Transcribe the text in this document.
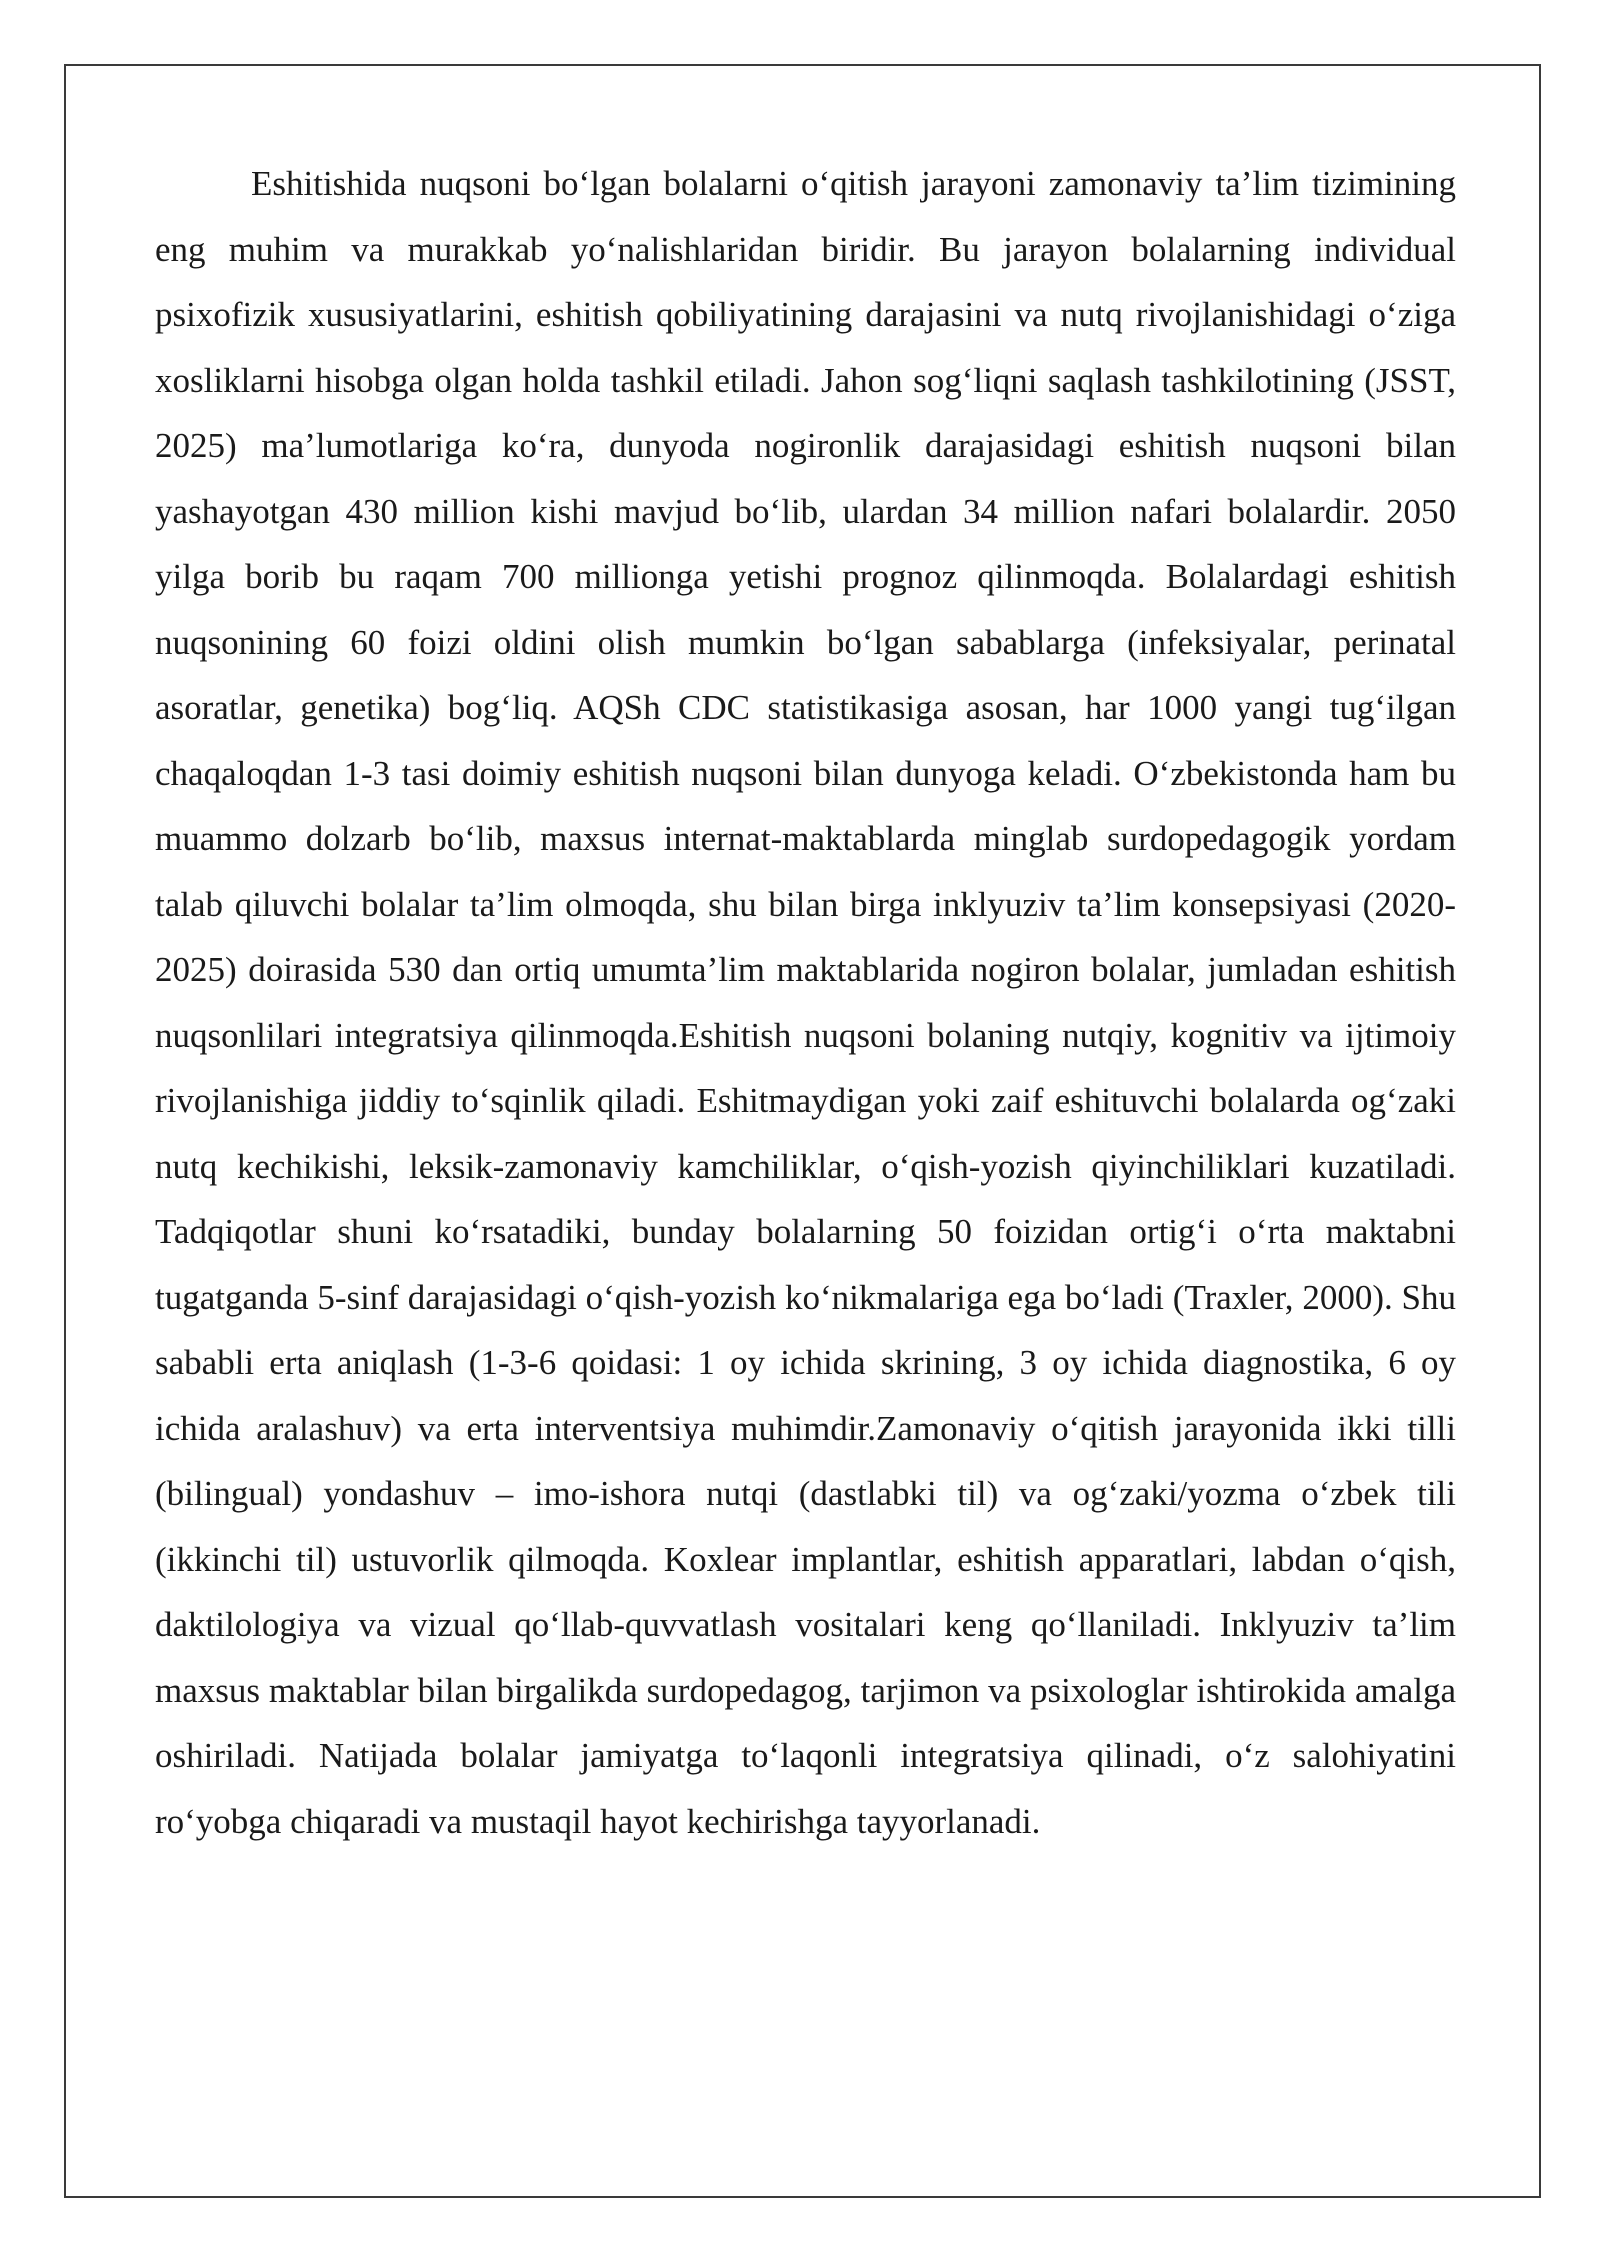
Eshitishida nuqsoni bo‘lgan bolalarni o‘qitish jarayoni zamonaviy ta’lim tizimining eng muhim va murakkab yo‘nalishlaridan biridir. Bu jarayon bolalarning individual psixofizik xususiyatlarini, eshitish qobiliyatining darajasini va nutq rivojlanishidagi o‘ziga xosliklarni hisobga olgan holda tashkil etiladi. Jahon sog‘liqni saqlash tashkilotining (JSST, 2025) ma’lumotlariga ko‘ra, dunyoda nogironlik darajasidagi eshitish nuqsoni bilan yashayotgan 430 million kishi mavjud bo‘lib, ulardan 34 million nafari bolalardir. 2050 yilga borib bu raqam 700 millionga yetishi prognoz qilinmoqda. Bolalardagi eshitish nuqsonining 60 foizi oldini olish mumkin bo‘lgan sabablarga (infeksiyalar, perinatal asoratlar, genetika) bog‘liq. AQSh CDC statistikasiga asosan, har 1000 yangi tug‘ilgan chaqaloqdan 1-3 tasi doimiy eshitish nuqsoni bilan dunyoga keladi. O‘zbekistonda ham bu muammo dolzarb bo‘lib, maxsus internat-maktablarda minglab surdopedagogik yordam talab qiluvchi bolalar ta’lim olmoqda, shu bilan birga inklyuziv ta’lim konsepsiyasi (2020-2025) doirasida 530 dan ortiq umumta’lim maktablarida nogiron bolalar, jumladan eshitish nuqsonlilari integratsiya qilinmoqda.Eshitish nuqsoni bolaning nutqiy, kognitiv va ijtimoiy rivojlanishiga jiddiy to‘sqinlik qiladi. Eshitmaydigan yoki zaif eshituvchi bolalarda og‘zaki nutq kechikishi, leksik-zamonaviy kamchiliklar, o‘qish-yozish qiyinchiliklari kuzatiladi. Tadqiqotlar shuni ko‘rsatadiki, bunday bolalarning 50 foizidan ortig‘i o‘rta maktabni tugatganda 5-sinf darajasidagi o‘qish-yozish ko‘nikmalariga ega bo‘ladi (Traxler, 2000). Shu sababli erta aniqlash (1-3-6 qoidasi: 1 oy ichida skrining, 3 oy ichida diagnostika, 6 oy ichida aralashuv) va erta interventsiya muhimdir.Zamonaviy o‘qitish jarayonida ikki tilli (bilingual) yondashuv – imo-ishora nutqi (dastlabki til) va og‘zaki/yozma o‘zbek tili (ikkinchi til) ustuvorlik qilmoqda. Koxlear implantlar, eshitish apparatlari, labdan o‘qish, daktilologiya va vizual qo‘llab-quvvatlash vositalari keng qo‘llaniladi. Inklyuziv ta’lim maxsus maktablar bilan birgalikda surdopedagog, tarjimon va psixologlar ishtirokida amalga oshiriladi. Natijada bolalar jamiyatga to‘laqonli integratsiya qilinadi, o‘z salohiyatini ro‘yobga chiqaradi va mustaqil hayot kechirishga tayyorlanadi.
